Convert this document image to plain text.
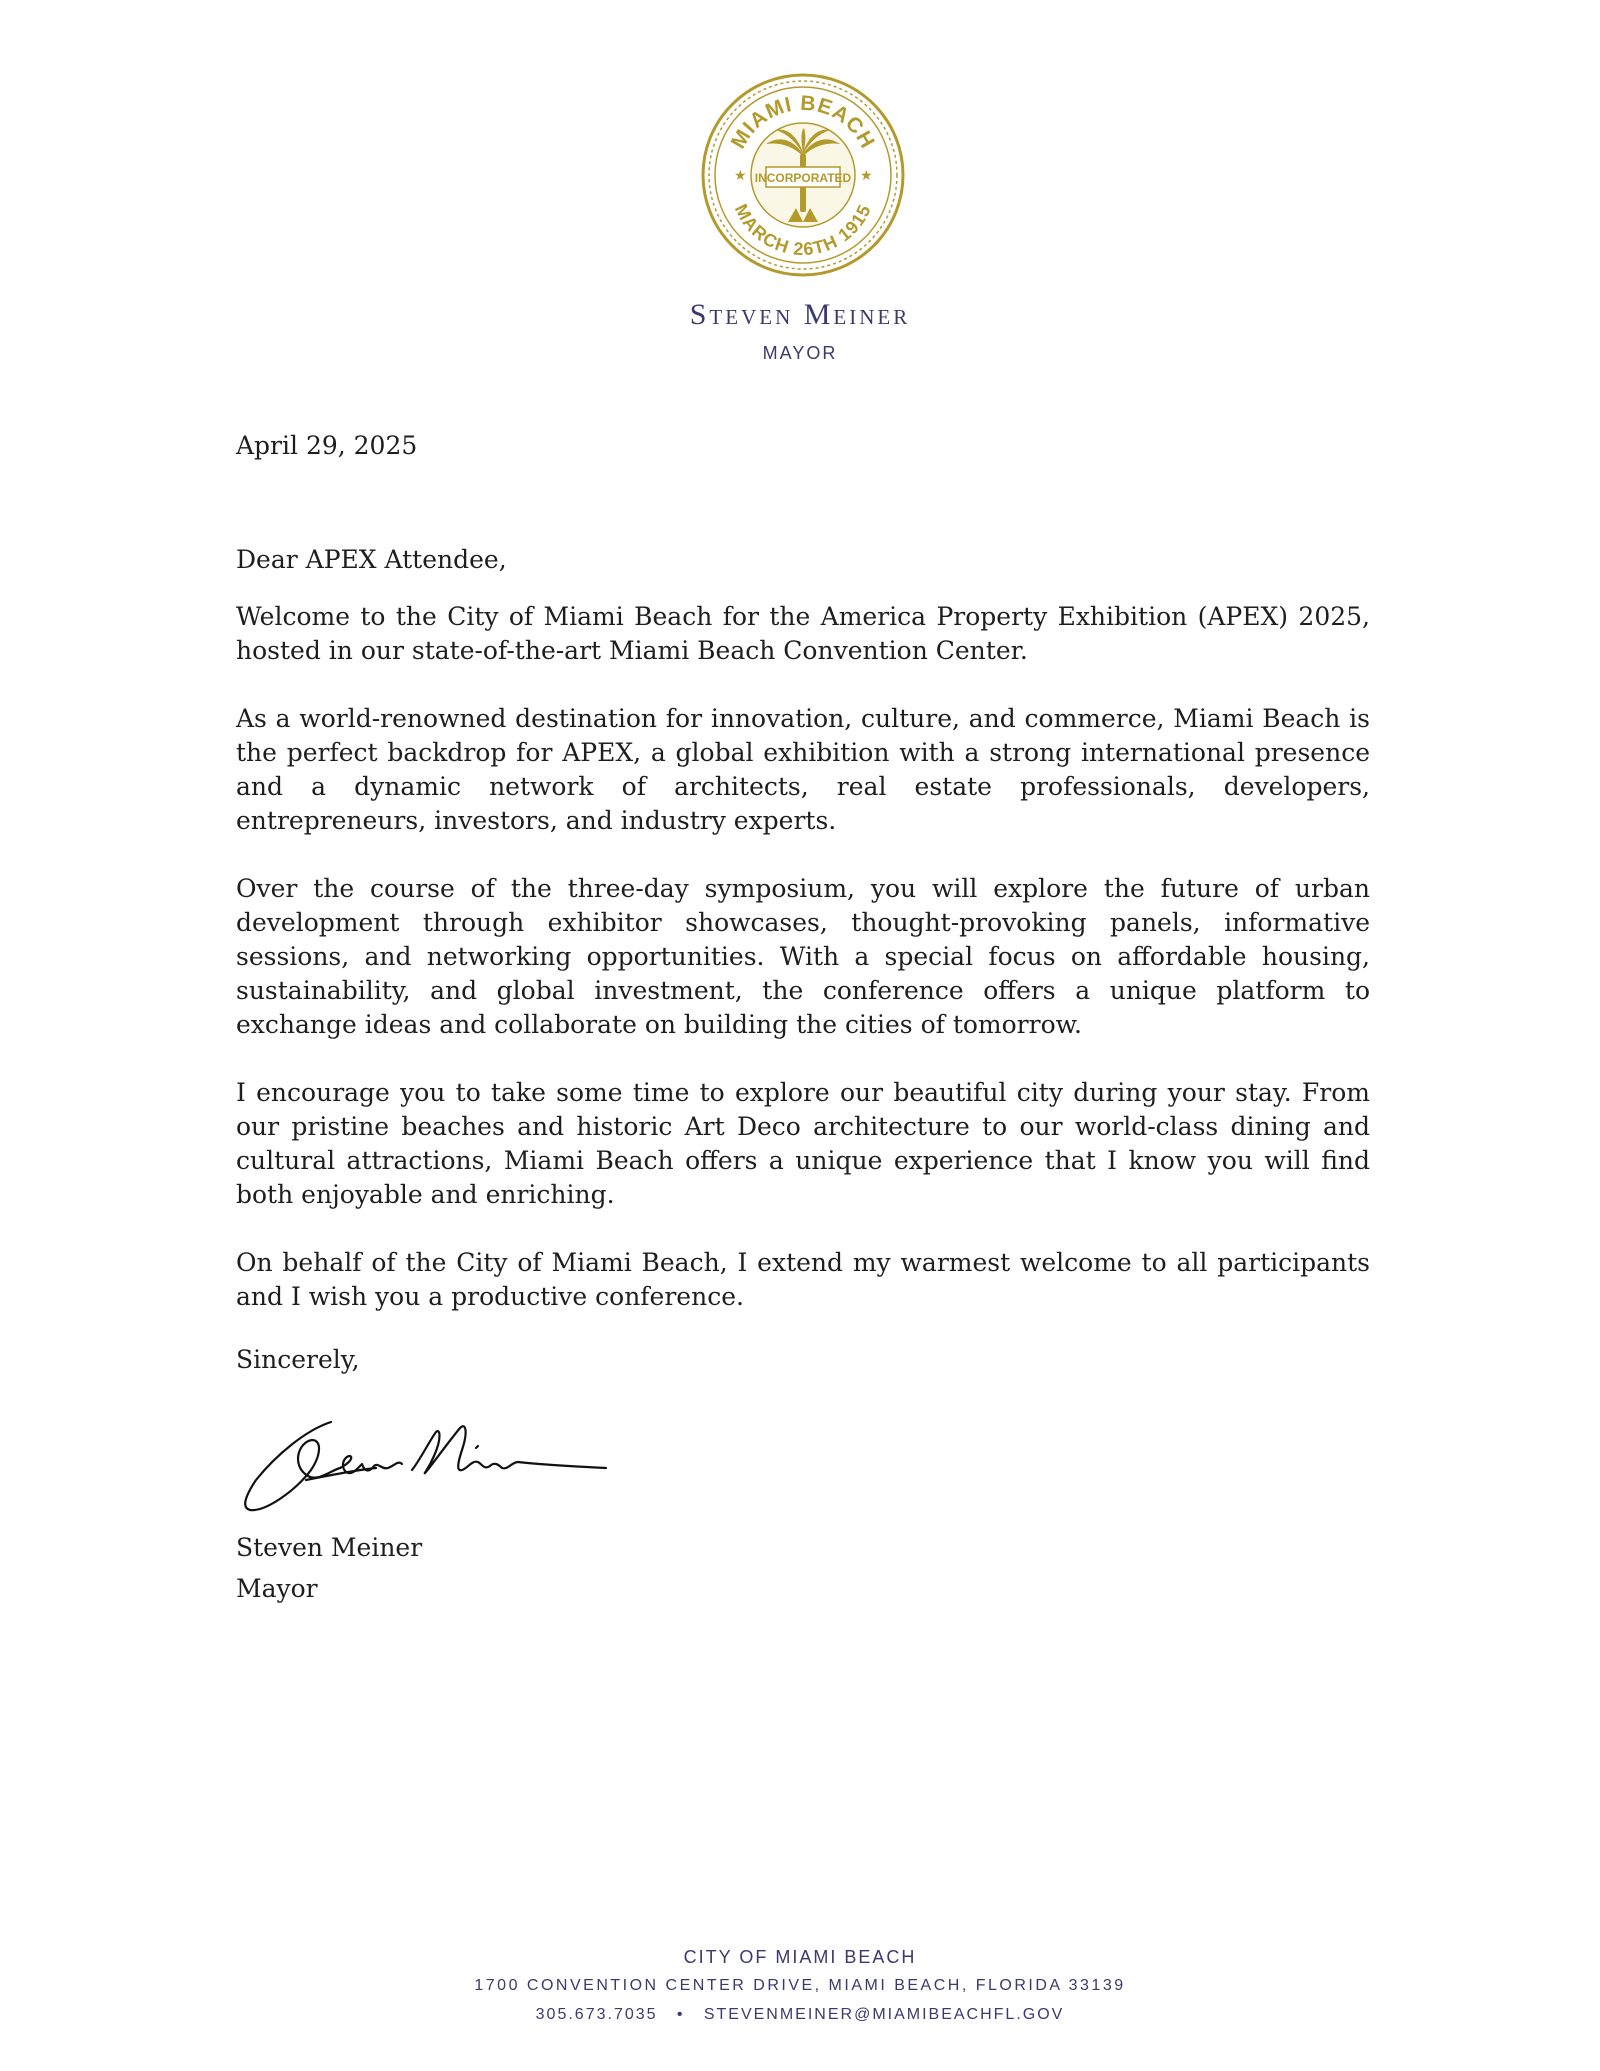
MIAMI BEACH
MARCH 26TH 1915
★	★
INCORPORATED
Steven Meiner
MAYOR
April 29, 2025
Dear APEX Attendee,

Welcome to the City of Miami Beach for the America Property Exhibition (APEX) 2025, hosted in our state-of-the-art Miami Beach Convention Center.

As a world-renowned destination for innovation, culture, and commerce, Miami Beach is the perfect backdrop for APEX, a global exhibition with a strong international presence and a dynamic network of architects, real estate professionals, developers, entrepreneurs, investors, and industry experts.

Over the course of the three-day symposium, you will explore the future of urban development through exhibitor showcases, thought-provoking panels, informative sessions, and networking opportunities. With a special focus on affordable housing, sustainability, and global investment, the conference offers a unique platform to exchange ideas and collaborate on building the cities of tomorrow.

I encourage you to take some time to explore our beautiful city during your stay. From our pristine beaches and historic Art Deco architecture to our world-class dining and cultural attractions, Miami Beach offers a unique experience that I know you will find both enjoyable and enriching.

On behalf of the City of Miami Beach, I extend my warmest welcome to all participants and I wish you a productive conference.

Sincerely,
Steven Meiner
Mayor
CITY OF MIAMI BEACH
1700 CONVENTION CENTER DRIVE, MIAMI BEACH, FLORIDA 33139
305.673.7035 • STEVENMEINER@MIAMIBEACHFL.GOV
